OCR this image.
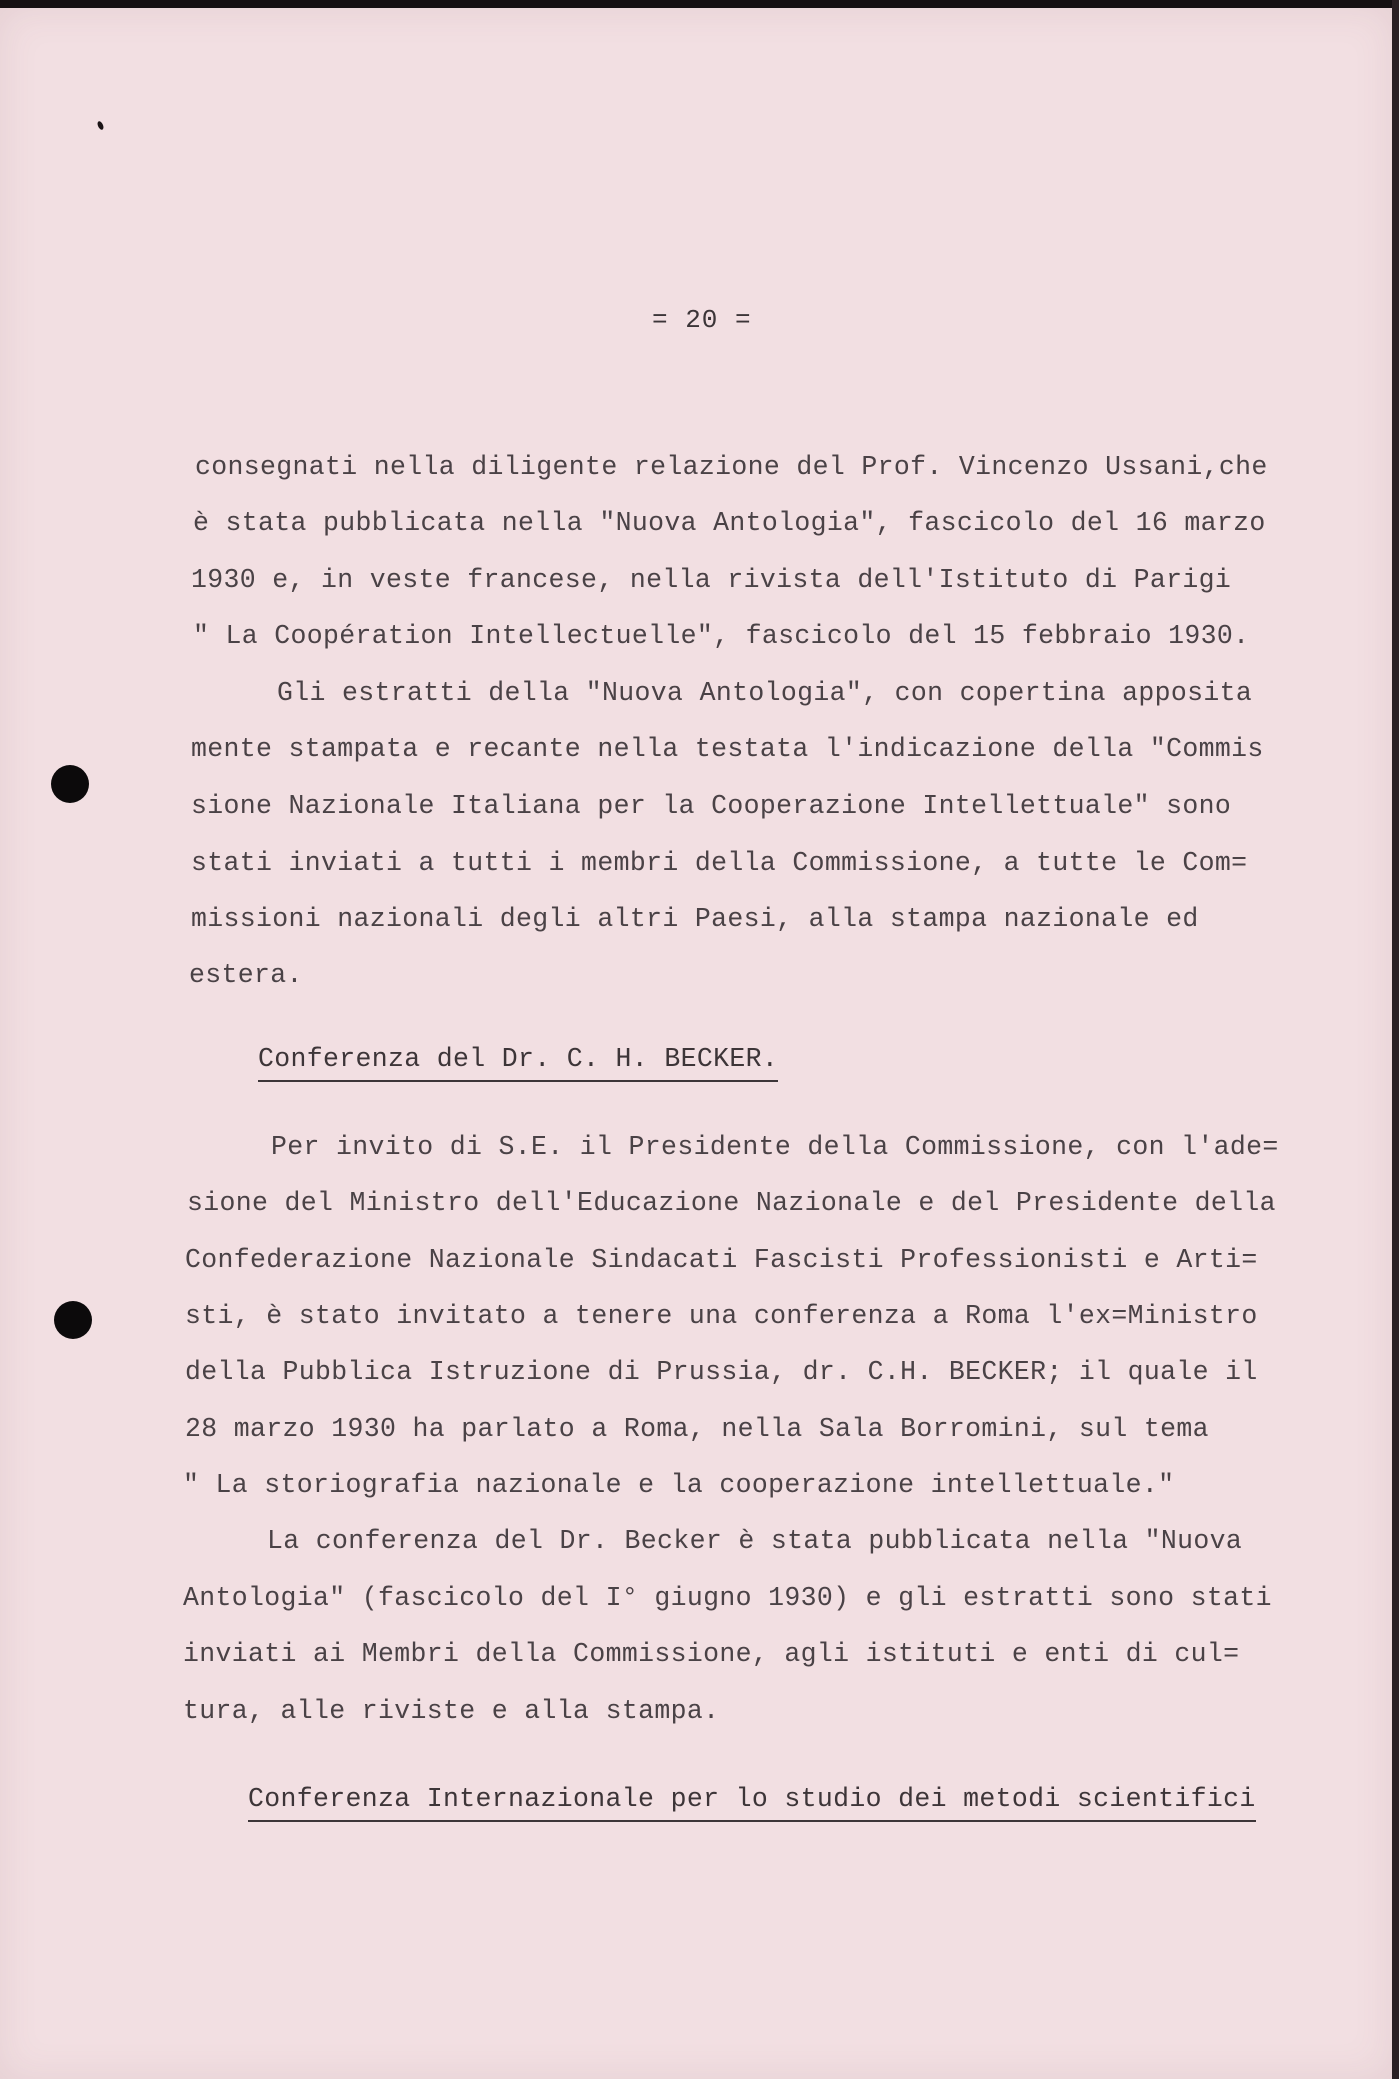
= 20 =
consegnati nella diligente relazione del Prof. Vincenzo Ussani,che
è stata pubblicata nella "Nuova Antologia", fascicolo del 16 marzo
1930 e, in veste francese, nella rivista dell'Istituto di Parigi
" La Coopération Intellectuelle", fascicolo del 15 febbraio 1930.
Gli estratti della "Nuova Antologia", con copertina apposita
mente stampata e recante nella testata l'indicazione della "Commis
sione Nazionale Italiana per la Cooperazione Intellettuale" sono
stati inviati a tutti i membri della Commissione, a tutte le Com=
missioni nazionali degli altri Paesi, alla stampa nazionale ed
estera.
Conferenza del Dr. C. H. BECKER.
Per invito di S.E. il Presidente della Commissione, con l'ade=
sione del Ministro dell'Educazione Nazionale e del Presidente della
Confederazione Nazionale Sindacati Fascisti Professionisti e Arti=
sti, è stato invitato a tenere una conferenza a Roma l'ex=Ministro
della Pubblica Istruzione di Prussia, dr. C.H. BECKER; il quale il
28 marzo 1930 ha parlato a Roma, nella Sala Borromini, sul tema
" La storiografia nazionale e la cooperazione intellettuale."
La conferenza del Dr. Becker è stata pubblicata nella "Nuova
Antologia" (fascicolo del I° giugno 1930) e gli estratti sono stati
inviati ai Membri della Commissione, agli istituti e enti di cul=
tura, alle riviste e alla stampa.
Conferenza Internazionale per lo studio dei metodi scientifici
